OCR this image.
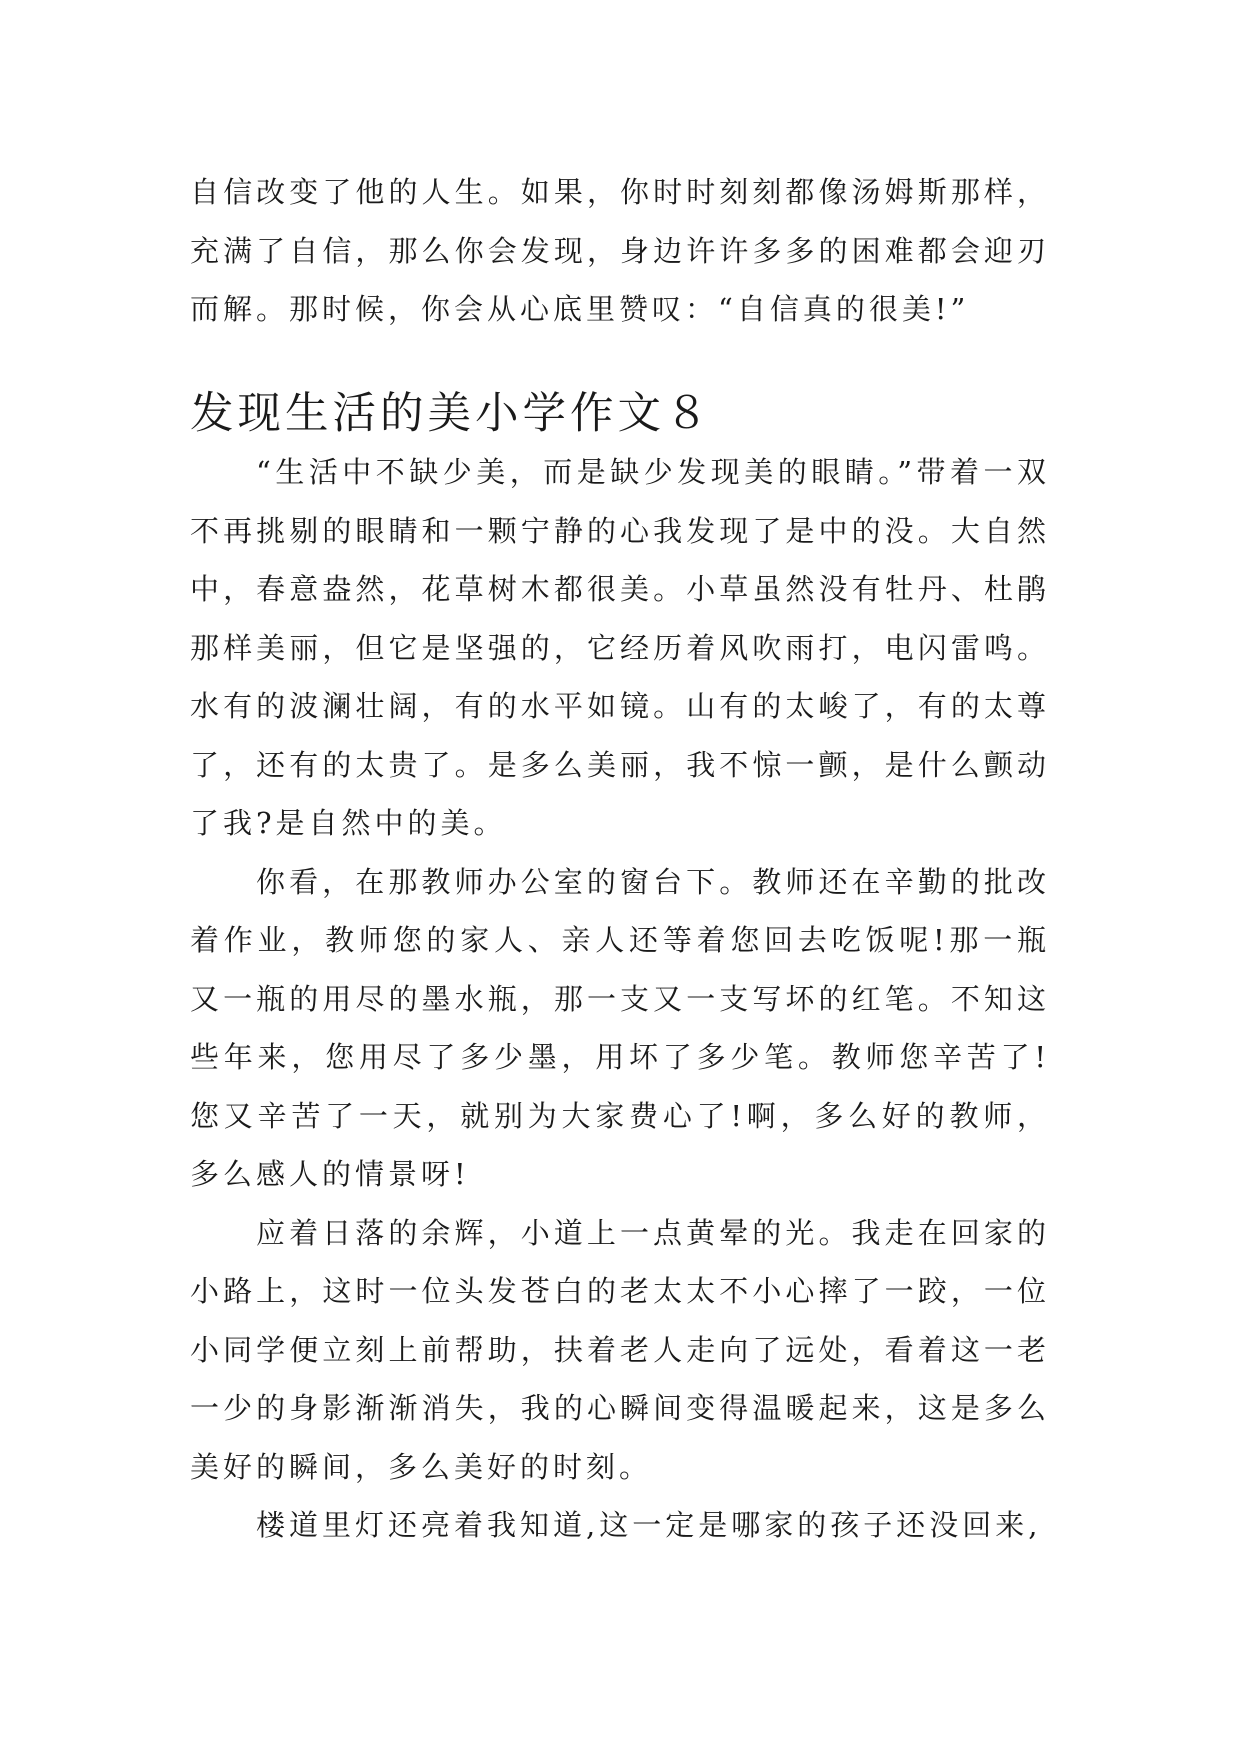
自信改变了他的人生。如果，你时时刻刻都像汤姆斯那样，充满了自信，那么你会发现，身边许许多多的困难都会迎刃而解。那时候，你会从心底里赞叹：“自信真的很美!”

发现生活的美小学作文８

“生活中不缺少美，而是缺少发现美的眼睛。”带着一双不再挑剔的眼睛和一颗宁静的心我发现了是中的没。大自然中，春意盎然，花草树木都很美。小草虽然没有牡丹、杜鹃那样美丽，但它是坚强的，它经历着风吹雨打，电闪雷鸣。水有的波澜壮阔，有的水平如镜。山有的太峻了，有的太尊了，还有的太贵了。是多么美丽，我不惊一颤，是什么颤动了我?是自然中的美。

你看，在那教师办公室的窗台下。教师还在辛勤的批改着作业，教师您的家人、亲人还等着您回去吃饭呢!那一瓶又一瓶的用尽的墨水瓶，那一支又一支写坏的红笔。不知这些年来，您用尽了多少墨，用坏了多少笔。教师您辛苦了!您又辛苦了一天，就别为大家费心了!啊，多么好的教师，多么感人的情景呀!

应着日落的余辉，小道上一点黄晕的光。我走在回家的小路上，这时一位头发苍白的老太太不小心摔了一跤，一位小同学便立刻上前帮助，扶着老人走向了远处，看着这一老一少的身影渐渐消失，我的心瞬间变得温暖起来，这是多么美好的瞬间，多么美好的时刻。

楼道里灯还亮着我知道,这一定是哪家的孩子还没回来,
